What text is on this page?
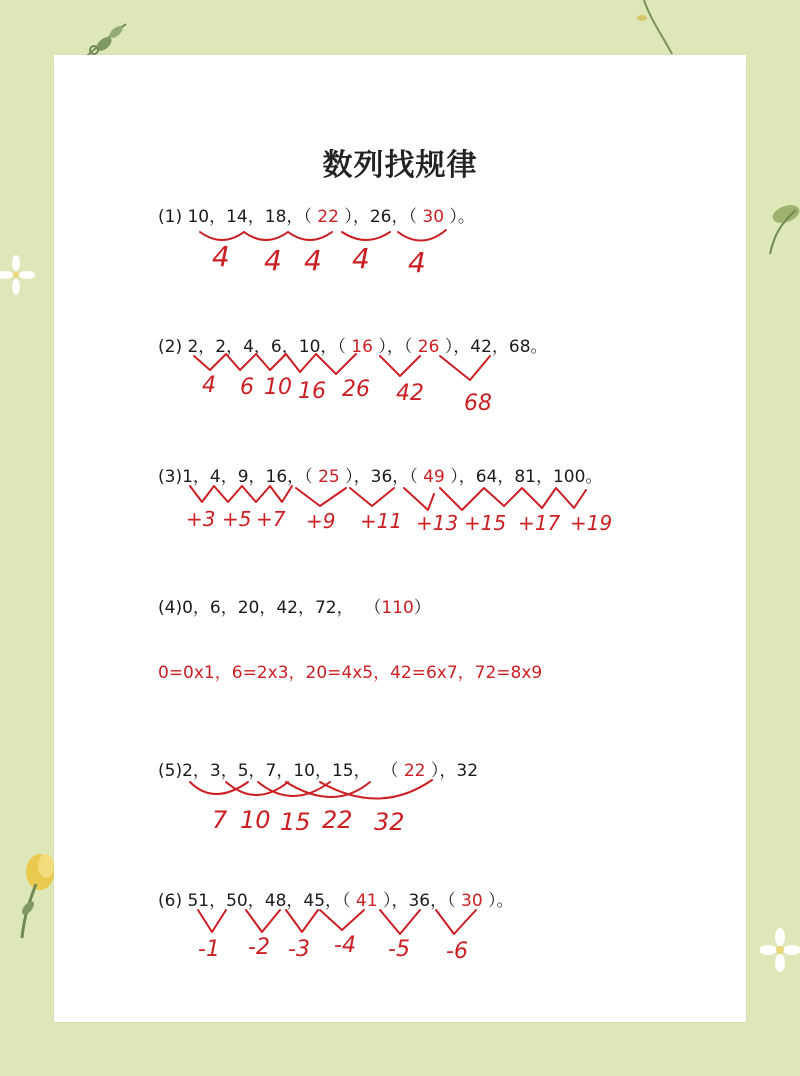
数列找规律
(1) 10，14，18，（ 22 ），26，（ 30 ）。
(2) 2，2，4，6，10，（ 16 ），（ 26 ），42，68。
(3)1，4，9，16，（ 25 ），36，（ 49 ），64，81，100。
(4)0，6，20，42，72，  （110）
0=0x1，6=2x3，20=4x5，42=6x7，72=8x9
(5)2，3，5，7，10，15，  （ 22 ），32
(6) 51，50，48，45，（ 41 ），36，（ 30 ）。
4 4 4 4 4
4 6 10 16 26 42 68
+3 +5 +7 +9 +11 +13 +15 +17 +19
7 10 15 22 32
-1 -2 -3 -4 -5 -6
